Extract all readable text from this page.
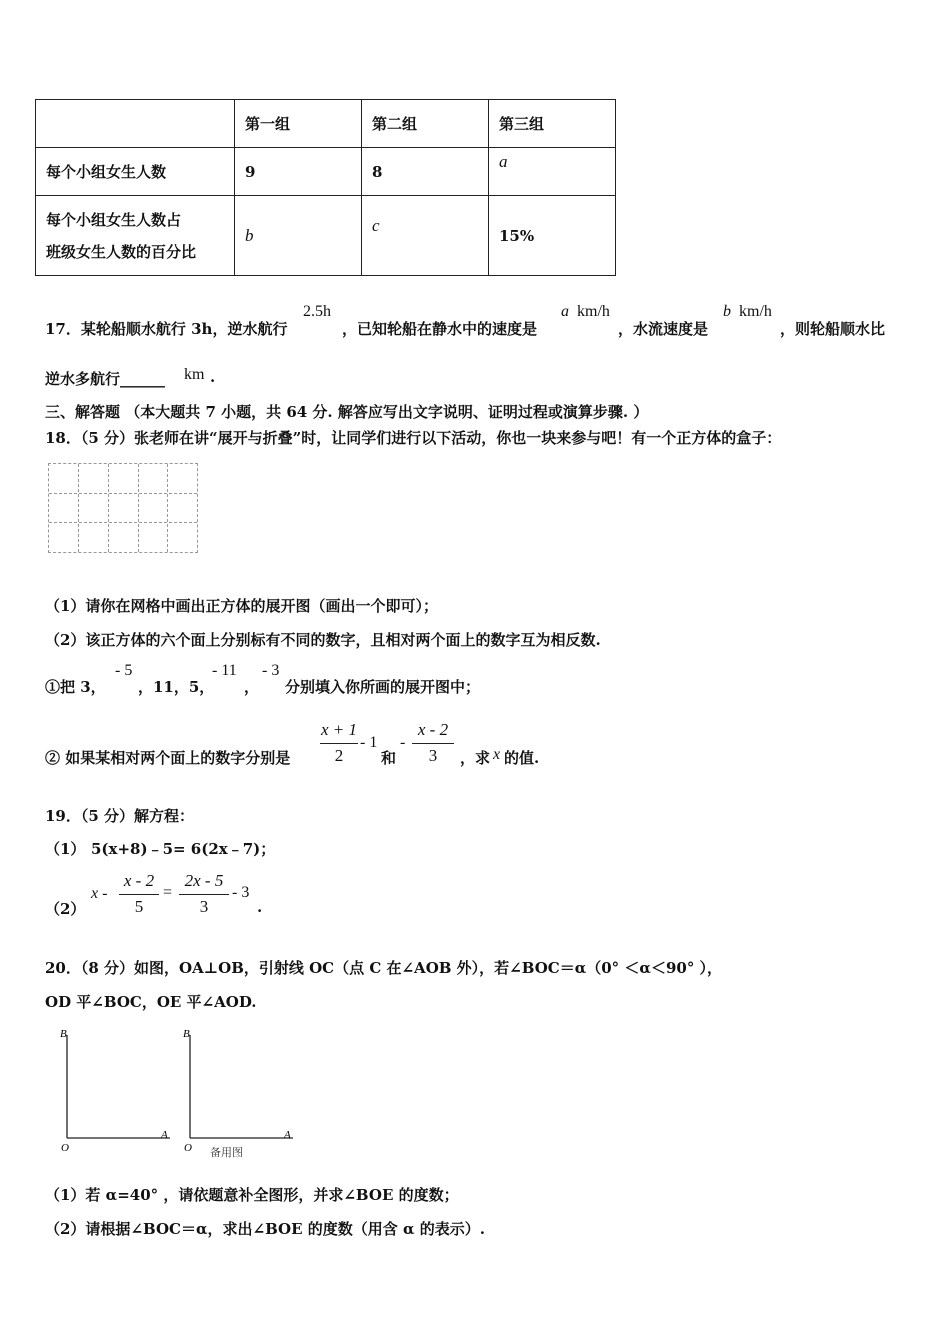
	第一组	第二组	第三组
每个小组女生人数	9	8	a

每个小组女生人数占
班级女生人数的百分比	b	c	15%
17．某轮船顺水航行 3h，逆水航行
2.5h
，已知轮船在静水中的速度是
a km/h
，水流速度是
b km/h
，则轮船顺水比
逆水多航行______ km .
三、解答题 （本大题共 7 小题，共 64 分. 解答应写出文字说明、证明过程或演算步骤. ）
18．（5 分）张老师在讲“展开与折叠”时，让同学们进行以下活动，你也一块来参与吧！有一个正方体的盒子：
（1）请你在网格中画出正方体的展开图（画出一个即可）；
（2）该正方体的六个面上分别标有不同的数字，且相对两个面上的数字互为相反数.
①把 3，
- 5
，11，5，
- 11
，
- 3
分别填入你所画的展开图中；
② 如果某相对两个面上的数字分别是
x + 1
2
- 1
和
-
x - 2
3	，求 x 的值.
19．（5 分）解方程：
（1） 5(x+8)﹣5= 6(2x﹣7)；
（2）
x -
x - 2
5
=
2x - 5
3
- 3
.
20．（8 分）如图，OA⊥OB，引射线 OC（点 C 在∠AOB 外），若∠BOC＝α（0° ＜α＜90° ），
OD 平∠BOC，OE 平∠AOD.
B
O
A
B
O
A
备用图
（1）若 α=40° ，请依题意补全图形，并求∠BOE 的度数；
（2）请根据∠BOC＝α，求出∠BOE 的度数（用含 α 的表示）.
